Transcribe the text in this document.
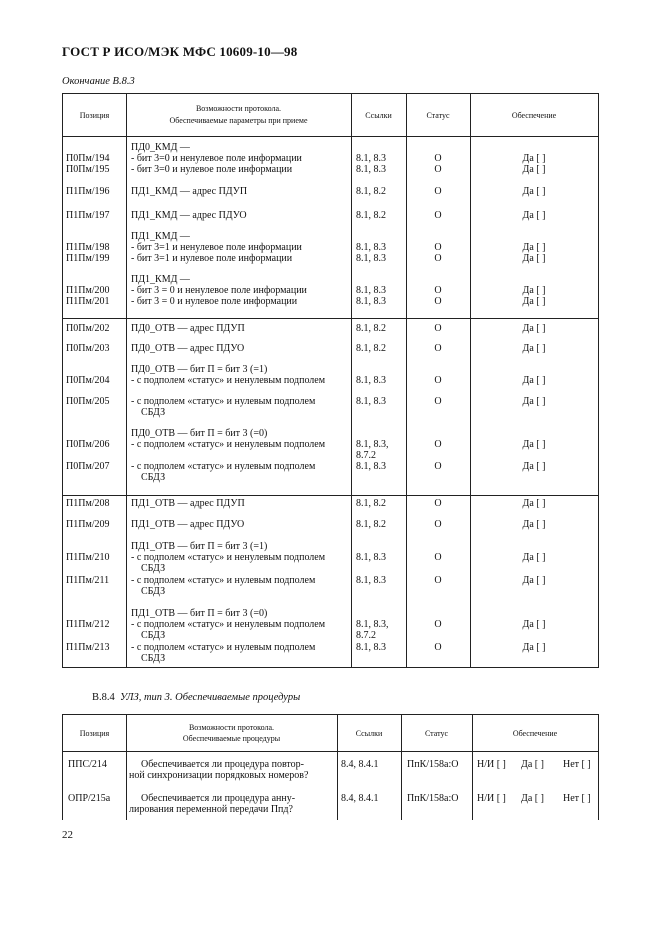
ГОСТ Р ИСО/МЭК МФС 10609-10—98
Окончание В.8.3
Позиция
Возможности протокола.
Обеспечиваемые параметры при приеме
Ссылки	Статус	Обеспечение
ПД0_КМД —
П0Пм/194 - бит 3=0 и ненулевое поле информации	8.1, 8.3	О	Да [ ]
П0Пм/195 - бит 3=0 и нулевое поле информации	8.1, 8.3	О	Да [ ]
П1Пм/196 ПД1_КМД — адрес ПДУП	8.1, 8.2	О	Да [ ]
П1Пм/197 ПД1_КМД — адрес ПДУО	8.1, 8.2	О	Да [ ]
ПД1_КМД —
П1Пм/198 - бит 3=1 и ненулевое поле информации	8.1, 8.3	О	Да [ ]
П1Пм/199 - бит 3=1 и нулевое поле информации	8.1, 8.3	О	Да [ ]
ПД1_КМД —
П1Пм/200 - бит 3 = 0 и ненулевое поле информации	8.1, 8.3	О	Да [ ]
П1Пм/201 - бит 3 = 0 и нулевое поле информации	8.1, 8.3	О	Да [ ]
П0Пм/202 ПД0_ОТВ — адрес ПДУП	8.1, 8.2	О	Да [ ]
П0Пм/203 ПД0_ОТВ — адрес ПДУО	8.1, 8.2	О	Да [ ]
ПД0_ОТВ — бит П = бит 3 (=1)
П0Пм/204 - с подполем «статус» и ненулевым подполем	8.1, 8.3	О	Да [ ]
П0Пм/205 - с подполем «статус» и нулевым подполем	8.1, 8.3	О	Да [ ]
СБДЗ
ПД0_ОТВ — бит П = бит 3 (=0)
П0Пм/206 - с подполем «статус» и ненулевым подполем	8.1, 8.3,	О	Да [ ]
8.7.2
П0Пм/207 - с подполем «статус» и нулевым подполем	8.1, 8.3	О	Да [ ]
СБДЗ
П1Пм/208 ПД1_ОТВ — адрес ПДУП	8.1, 8.2	О	Да [ ]
П1Пм/209 ПД1_ОТВ — адрес ПДУО	8.1, 8.2	О	Да [ ]
ПД1_ОТВ — бит П = бит 3 (=1)
П1Пм/210 - с подполем «статус» и ненулевым подполем	8.1, 8.3	О	Да [ ]
СБДЗ
П1Пм/211 - с подполем «статус» и нулевым подполем	8.1, 8.3	О	Да [ ]
СБДЗ
ПД1_ОТВ — бит П = бит 3 (=0)
П1Пм/212 - с подполем «статус» и ненулевым подполем	8.1, 8.3,	О	Да [ ]
СБДЗ	8.7.2
П1Пм/213 - с подполем «статус» и нулевым подполем	8.1, 8.3	О	Да [ ]
СБДЗ
В.8.4 УЛЗ, тип 3. Обеспечиваемые процедуры
Позиция
Возможности протокола.
Обеспечиваемые процедуры
Ссылки	Статус	Обеспечение
ППС/214	Обеспечивается ли процедура повтор-
ной синхронизации порядковых номеров?
8.4, 8.4.1	ПпК/158а:О Н/И [ ] Да [ ] Нет [ ]
ОПР/215а	Обеспечивается ли процедура анну-
лирования переменной передачи Ппд?
8.4, 8.4.1	ПпК/158а:О Н/И [ ] Да [ ] Нет [ ]
22
